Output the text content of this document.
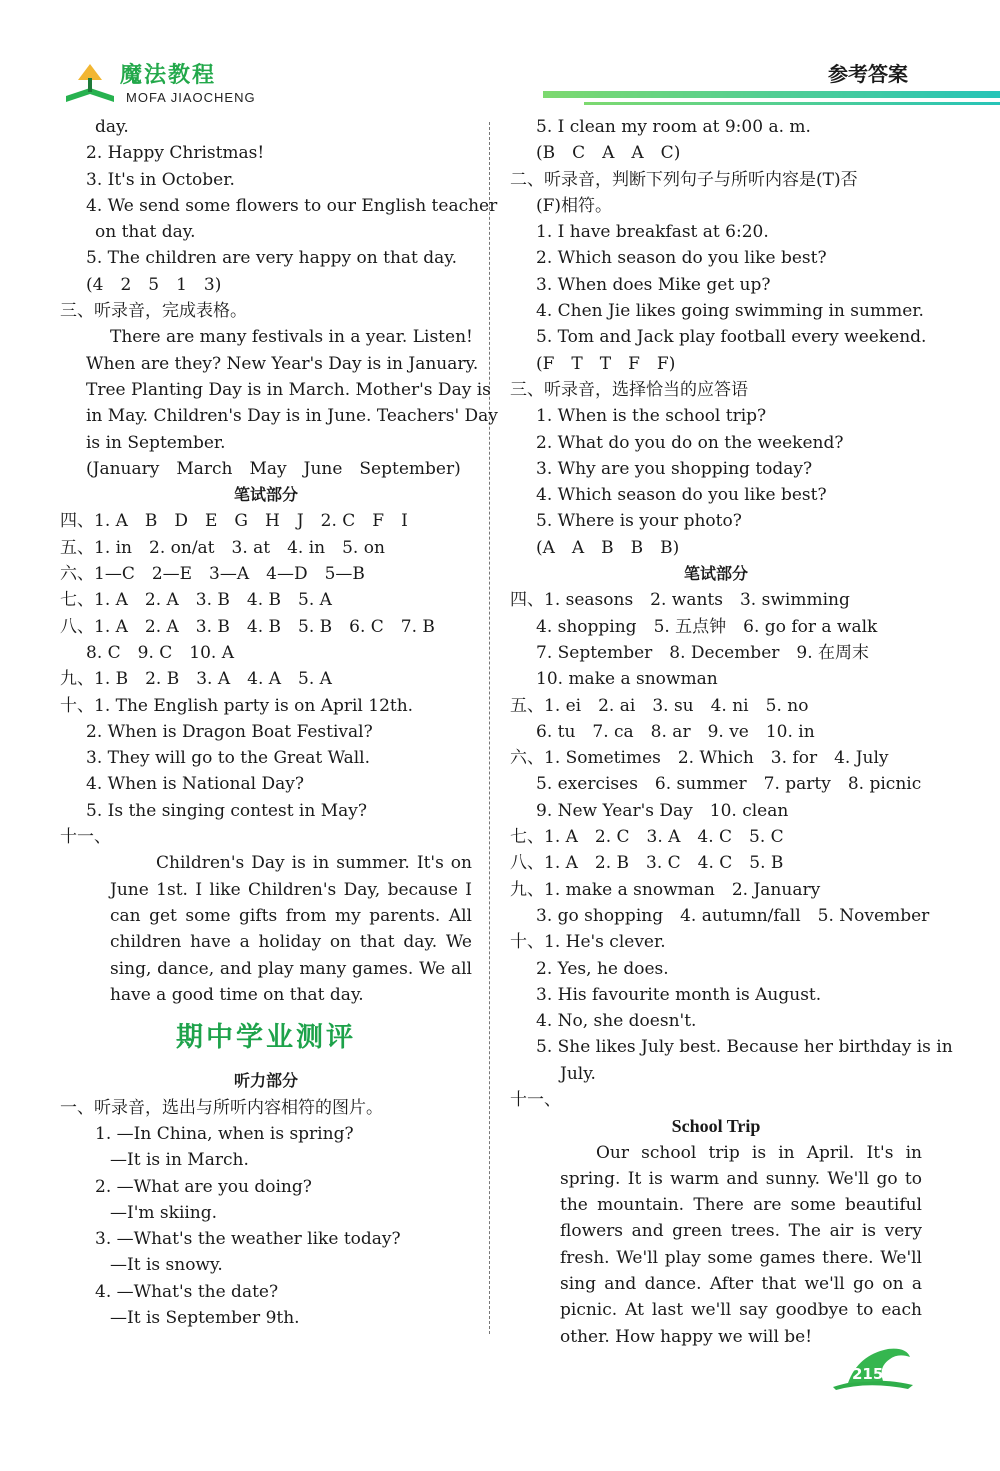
魔法教程
MOFA JIAOCHENG
参考答案
day.
2. Happy Christmas!
3. It's in October.
4. We send some flowers to our English teacher
on that day.
5. The children are very happy on that day.
(4　2　5　1　3)
三、听录音，完成表格。
There are many festivals in a year. Listen!
When are they? New Year's Day is in January.
Tree Planting Day is in March. Mother's Day is
in May. Children's Day is in June. Teachers' Day
is in September.
(January　March　May　June　September)
笔试部分
四、1. A　B　D　E　G　H　J　2. C　F　I
五、1. in　2. on/at　3. at　4. in　5. on
六、1—C　2—E　3—A　4—D　5—B
七、1. A　2. A　3. B　4. B　5. A
八、1. A　2. A　3. B　4. B　5. B　6. C　7. B
8. C　9. C　10. A
九、1. B　2. B　3. A　4. A　5. A
十、1. The English party is on April 12th.
2. When is Dragon Boat Festival?
3. They will go to the Great Wall.
4. When is National Day?
5. Is the singing contest in May?
十一、
Children's Day is in summer. It's on June 1st. I like Children's Day, because I can get some gifts from my parents. All children have a holiday on that day. We sing, dance, and play many games. We all have a good time on that day.
期中学业测评
听力部分
一、听录音，选出与所听内容相符的图片。
1. —In China, when is spring?
—It is in March.
2. —What are you doing?
—I'm skiing.
3. —What's the weather like today?
—It is snowy.
4. —What's the date?
—It is September 9th.
5. I clean my room at 9:00 a. m.
(B　C　A　A　C)
二、听录音，判断下列句子与所听内容是(T)否
(F)相符。
1. I have breakfast at 6:20.
2. Which season do you like best?
3. When does Mike get up?
4. Chen Jie likes going swimming in summer.
5. Tom and Jack play football every weekend.
(F　T　T　F　F)
三、听录音，选择恰当的应答语
1. When is the school trip?
2. What do you do on the weekend?
3. Why are you shopping today?
4. Which season do you like best?
5. Where is your photo?
(A　A　B　B　B)
笔试部分
四、1. seasons　2. wants　3. swimming
4. shopping　5. 五点钟　6. go for a walk
7. September　8. December　9. 在周末
10. make a snowman
五、1. ei　2. ai　3. su　4. ni　5. no
6. tu　7. ca　8. ar　9. ve　10. in
六、1. Sometimes　2. Which　3. for　4. July
5. exercises　6. summer　7. party　8. picnic
9. New Year's Day　10. clean
七、1. A　2. C　3. A　4. C　5. C
八、1. A　2. B　3. C　4. C　5. B
九、1. make a snowman　2. January
3. go shopping　4. autumn/fall　5. November
十、1. He's clever.
2. Yes, he does.
3. His favourite month is August.
4. No, she doesn't.
5. She likes July best. Because her birthday is in
July.
十一、
School Trip
Our school trip is in April. It's in spring. It is warm and sunny. We'll go to the mountain. There are some beautiful flowers and green trees. The air is very fresh. We'll play some games there. We'll sing and dance. After that we'll go on a picnic. At last we'll say goodbye to each other. How happy we will be!
215
